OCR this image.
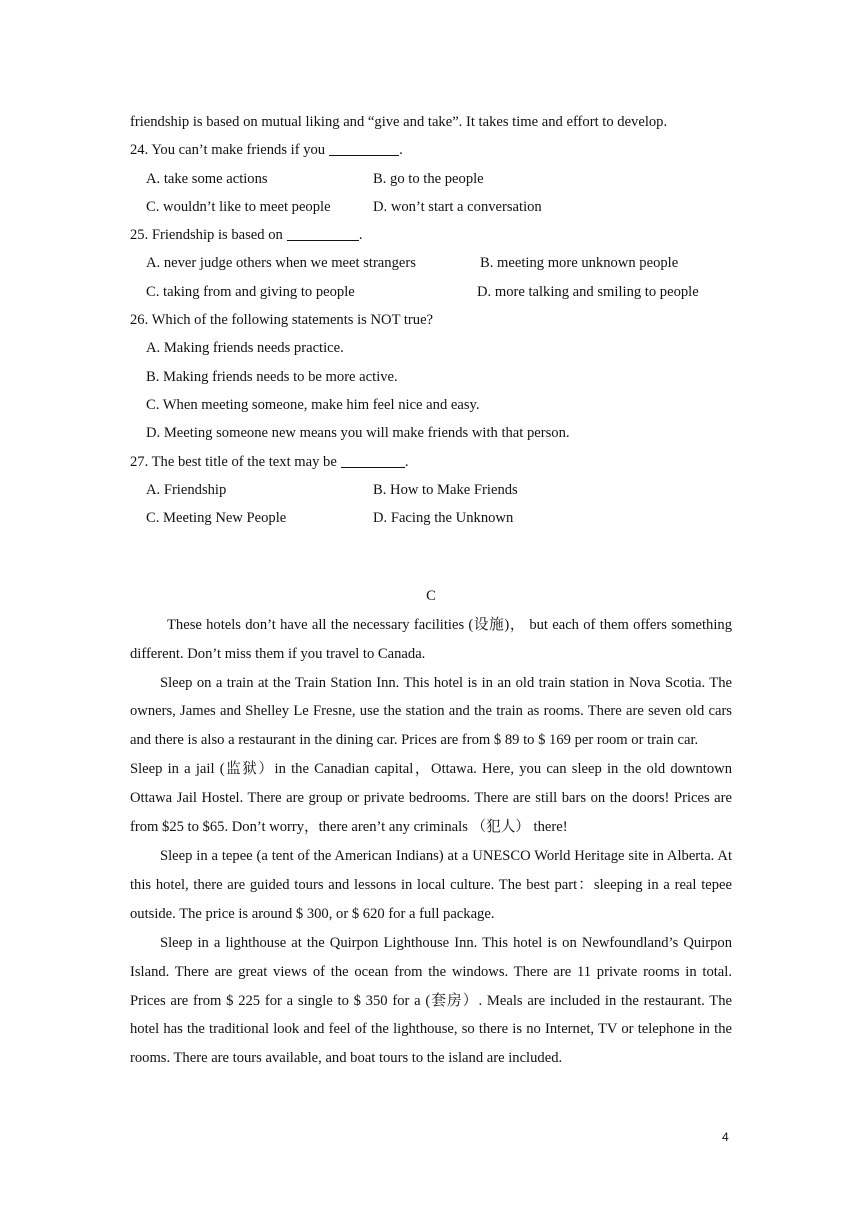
friendship is based on mutual liking and “give and take”. It takes time and effort to develop.
24. You can’t make friends if you	.
A. take some actions	B. go to the people
C. wouldn’t like to meet people	D. won’t start a conversation
25. Friendship is based on	.
A. never judge others when we meet strangers	B. meeting more unknown people
C. taking from and giving to people	D. more talking and smiling to people
26. Which of the following statements is NOT true?
A. Making friends needs practice.
B. Making friends needs to be more active.
C. When meeting someone, make him feel nice and easy.
D. Meeting someone new means you will make friends with that person.
27. The best title of the text may be	.
A. Friendship	B. How to Make Friends
C. Meeting New People	D. Facing the Unknown
C

These hotels don’t have all the necessary facilities (设施)， but each of them offers something different. Don’t miss them if you travel to Canada.

Sleep on a train at the Train Station Inn. This hotel is in an old train station in Nova Scotia. The owners, James and Shelley Le Fresne, use the station and the train as rooms. There are seven old cars and there is also a restaurant in the dining car. Prices are from $ 89 to $ 169 per room or train car.

Sleep in a jail (监狱）in the Canadian capital，Ottawa. Here, you can sleep in the old downtown Ottawa Jail Hostel. There are group or private bedrooms. There are still bars on the doors! Prices are from $25 to $65. Don’t worry，there aren’t any criminals （犯人） there!

Sleep in a tepee (a tent of the American Indians) at a UNESCO World Heritage site in Alberta. At this hotel, there are guided tours and lessons in local culture. The best part：sleeping in a real tepee outside. The price is around $ 300, or $ 620 for a full package.

Sleep in a lighthouse at the Quirpon Lighthouse Inn. This hotel is on Newfoundland’s Quirpon Island. There are great views of the ocean from the windows. There are 11 private rooms in total. Prices are from $ 225 for a single to $ 350 for a (套房）. Meals are included in the restaurant. The hotel has the traditional look and feel of the lighthouse, so there is no Internet, TV or telephone in the rooms. There are tours available, and boat tours to the island are included.

4
